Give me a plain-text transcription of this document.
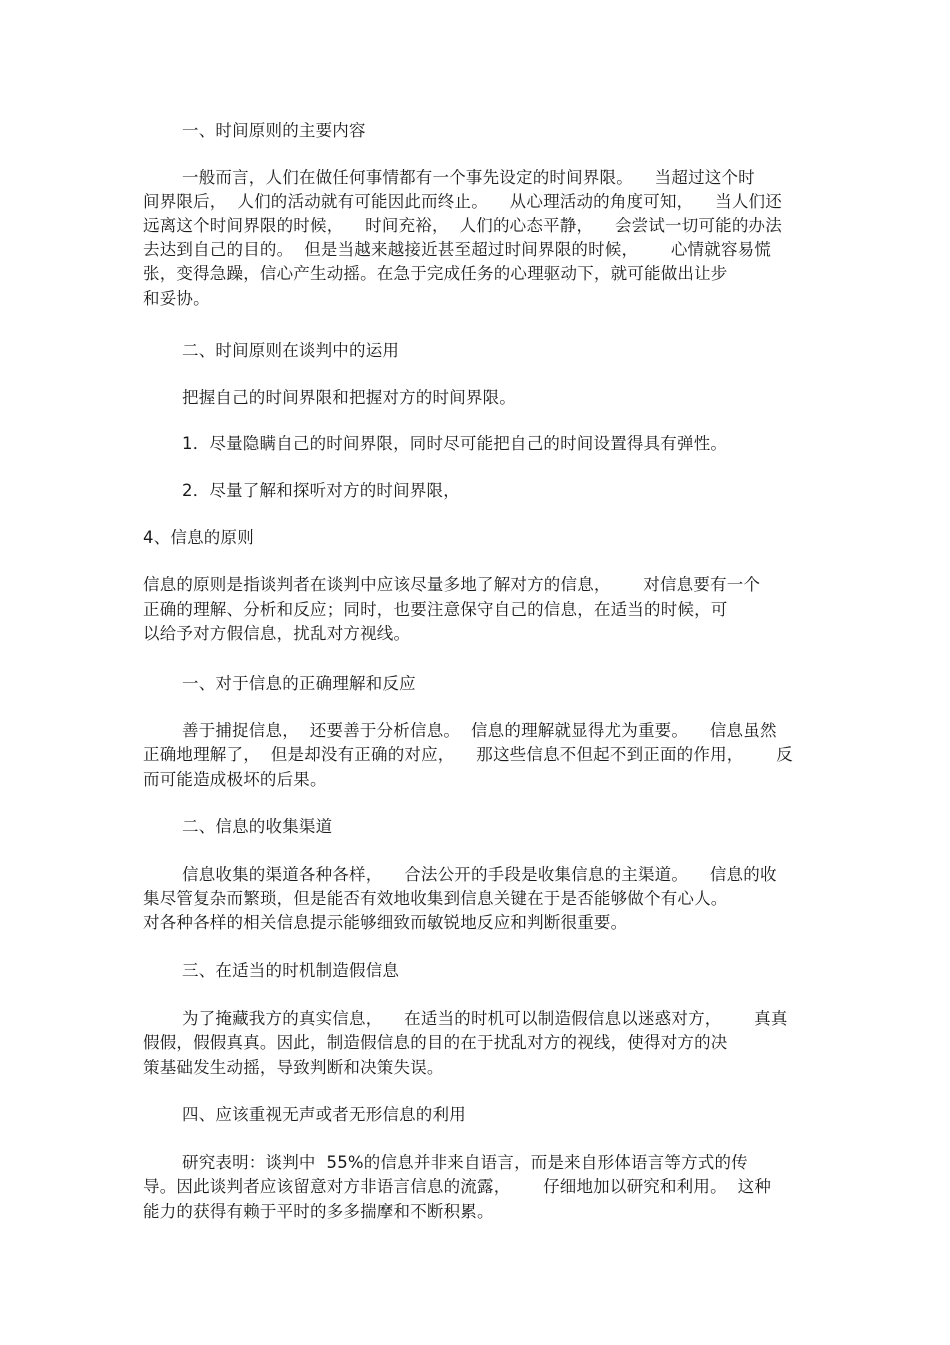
一、时间原则的主要内容
一般而言，人们在做任何事情都有一个事先设定的时间界限。    当超过这个时
间界限后，  人们的活动就有可能因此而终止。    从心理活动的角度可知，    当人们还
远离这个时间界限的时候，    时间充裕，  人们的心态平静，    会尝试一切可能的办法
去达到自己的目的。  但是当越来越接近甚至超过时间界限的时候，      心情就容易慌
张，变得急躁，信心产生动摇。在急于完成任务的心理驱动下，就可能做出让步
和妥协。
二、时间原则在谈判中的运用
把握自己的时间界限和把握对方的时间界限。
1．尽量隐瞒自己的时间界限，同时尽可能把自己的时间设置得具有弹性。
2．尽量了解和探听对方的时间界限，
4、信息的原则
信息的原则是指谈判者在谈判中应该尽量多地了解对方的信息，      对信息要有一个
正确的理解、分析和反应；同时，也要注意保守自己的信息，在适当的时候，可
以给予对方假信息，扰乱对方视线。
一、对于信息的正确理解和反应
善于捕捉信息，  还要善于分析信息。  信息的理解就显得尤为重要。    信息虽然
正确地理解了，  但是却没有正确的对应，    那这些信息不但起不到正面的作用，      反
而可能造成极坏的后果。
二、信息的收集渠道
信息收集的渠道各种各样，    合法公开的手段是收集信息的主渠道。    信息的收
集尽管复杂而繁琐，但是能否有效地收集到信息关键在于是否能够做个有心人。
对各种各样的相关信息提示能够细致而敏锐地反应和判断很重要。
三、在适当的时机制造假信息
为了掩藏我方的真实信息，    在适当的时机可以制造假信息以迷惑对方，      真真
假假，假假真真。因此，制造假信息的目的在于扰乱对方的视线，使得对方的决
策基础发生动摇，导致判断和决策失误。
四、应该重视无声或者无形信息的利用
研究表明：谈判中  55%的信息并非来自语言，而是来自形体语言等方式的传
导。因此谈判者应该留意对方非语言信息的流露，      仔细地加以研究和利用。  这种
能力的获得有赖于平时的多多揣摩和不断积累。
